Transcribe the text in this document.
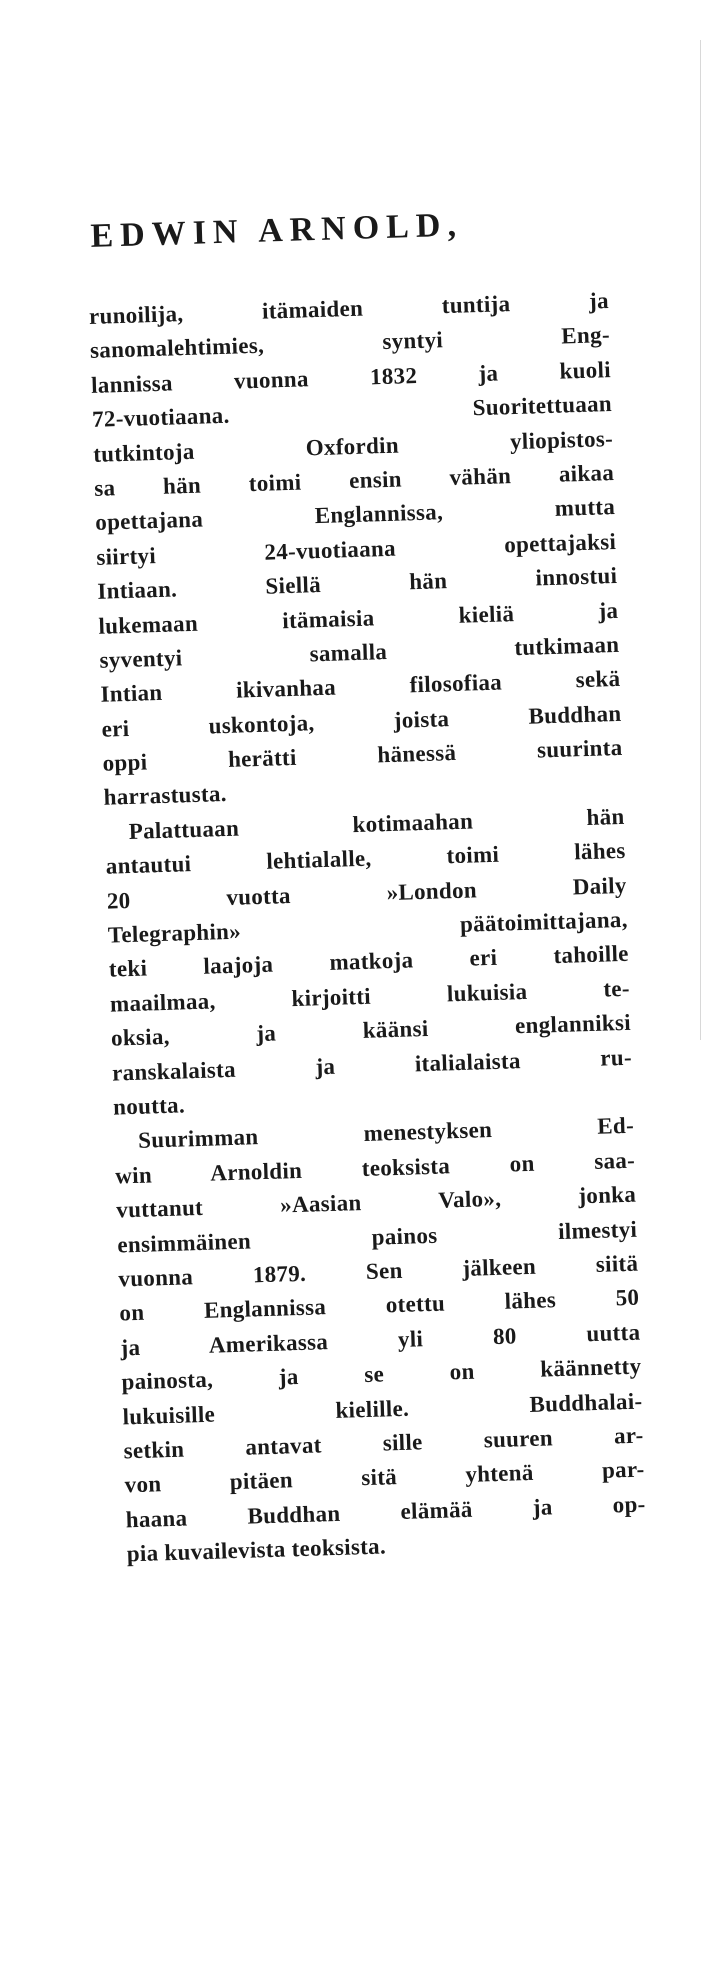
EDWIN ARNOLD,
runoilija, itämaiden tuntija ja
sanomalehtimies, syntyi Eng-
lannissa vuonna 1832 ja kuoli
72-vuotiaana. Suoritettuaan
tutkintoja Oxfordin yliopistos-
sa hän toimi ensin vähän aikaa
opettajana Englannissa, mutta
siirtyi 24-vuotiaana opettajaksi
Intiaan. Siellä hän innostui
lukemaan itämaisia kieliä ja
syventyi samalla tutkimaan
Intian ikivanhaa filosofiaa sekä
eri uskontoja, joista Buddhan
oppi herätti hänessä suurinta
harrastusta.
Palattuaan kotimaahan hän
antautui lehtialalle, toimi lähes
20 vuotta »London Daily
Telegraphin» päätoimittajana,
teki laajoja matkoja eri tahoille
maailmaa, kirjoitti lukuisia te-
oksia, ja käänsi englanniksi
ranskalaista ja italialaista ru-
noutta.
Suurimman menestyksen Ed-
win Arnoldin teoksista on saa-
vuttanut »Aasian Valo», jonka
ensimmäinen painos ilmestyi
vuonna 1879. Sen jälkeen siitä
on Englannissa otettu lähes 50
ja Amerikassa yli 80 uutta
painosta, ja se on käännetty
lukuisille kielille. Buddhalai-
setkin antavat sille suuren ar-
von pitäen sitä yhtenä par-
haana Buddhan elämää ja op-
pia kuvailevista teoksista.
